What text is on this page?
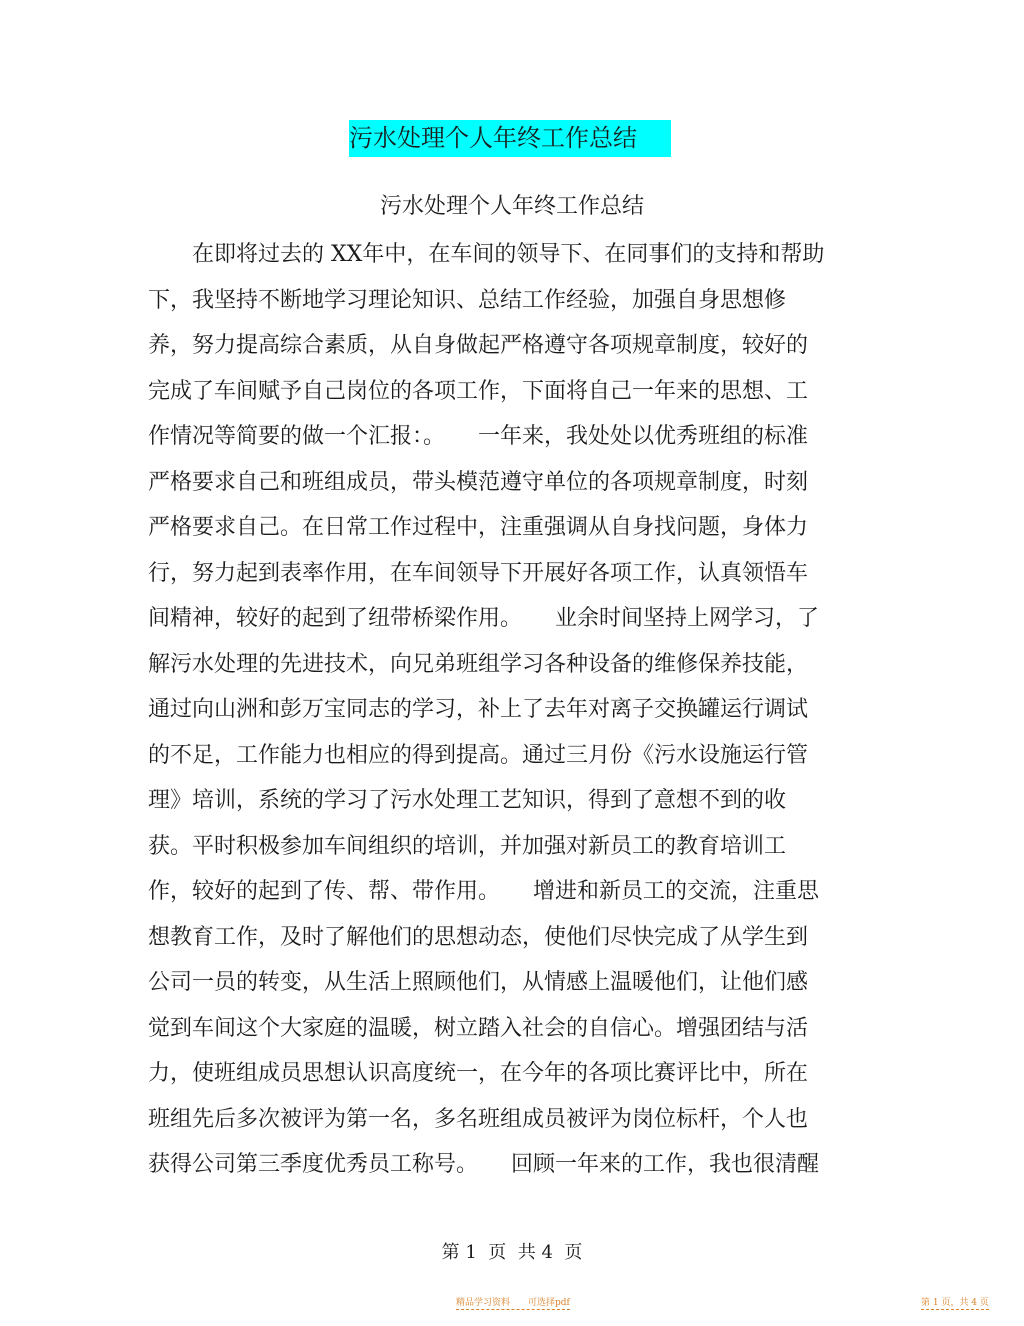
污水处理个人年终工作总结
污水处理个人年终工作总结
　　在即将过去的 XX年中，在车间的领导下、在同事们的支持和帮助
下，我坚持不断地学习理论知识、总结工作经验，加强自身思想修
养，努力提高综合素质，从自身做起严格遵守各项规章制度，较好的
完成了车间赋予自己岗位的各项工作，下面将自己一年来的思想、工
作情况等简要的做一个汇报：。　　一年来，我处处以优秀班组的标准
严格要求自己和班组成员，带头模范遵守单位的各项规章制度，时刻
严格要求自己。在日常工作过程中，注重强调从自身找问题，身体力
行，努力起到表率作用，在车间领导下开展好各项工作，认真领悟车
间精神，较好的起到了纽带桥梁作用。　　业余时间坚持上网学习，了
解污水处理的先进技术，向兄弟班组学习各种设备的维修保养技能，
通过向山洲和彭万宝同志的学习，补上了去年对离子交换罐运行调试
的不足，工作能力也相应的得到提高。通过三月份《污水设施运行管
理》培训，系统的学习了污水处理工艺知识，得到了意想不到的收
获。平时积极参加车间组织的培训，并加强对新员工的教育培训工
作，较好的起到了传、帮、带作用。　　增进和新员工的交流，注重思
想教育工作，及时了解他们的思想动态，使他们尽快完成了从学生到
公司一员的转变，从生活上照顾他们，从情感上温暖他们，让他们感
觉到车间这个大家庭的温暖，树立踏入社会的自信心。增强团结与活
力，使班组成员思想认识高度统一，在今年的各项比赛评比中，所在
班组先后多次被评为第一名，多名班组成员被评为岗位标杆，个人也
获得公司第三季度优秀员工称号。　　回顾一年来的工作，我也很清醒
第 1  页  共 4  页
精品学习资料　　可选择pdf	第 1 页，共 4 页
